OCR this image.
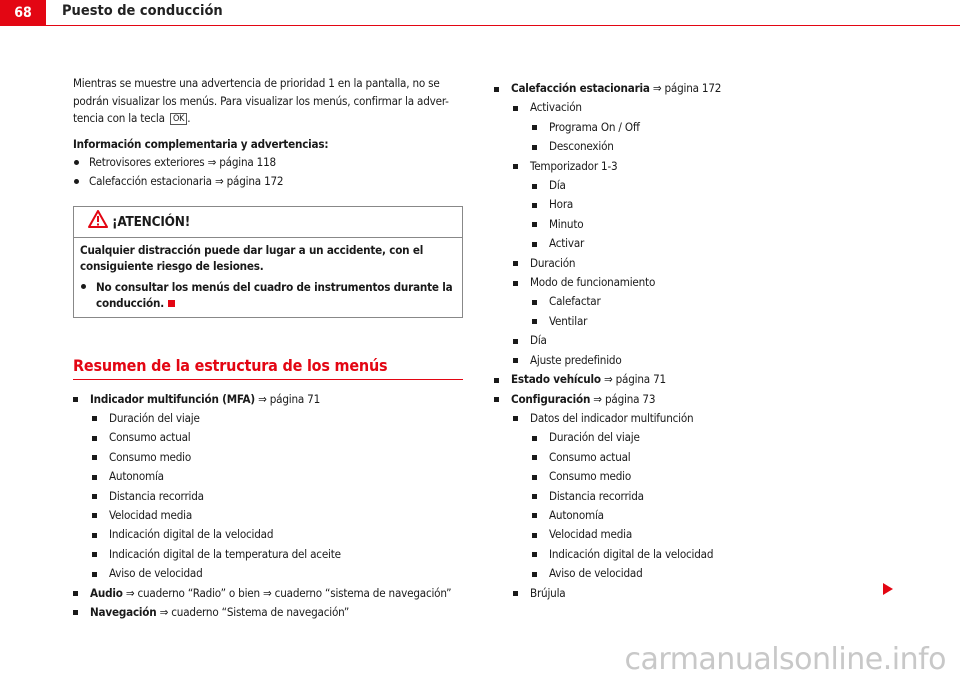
68	Puesto de conducción

Mientras se muestre una advertencia de prioridad 1 en la pantalla, no se
podrán visualizar los menús. Para visualizar los menús, confirmar la adver-
tencia con la tecla OK .

Información complementaria y advertencias:
Retrovisores exteriores ⇒ página 118
Calefacción estacionaria ⇒ página 172
¡ATENCIÓN!
Cualquier distracción puede dar lugar a un accidente, con el consiguiente riesgo de lesiones.
No consultar los menús del cuadro de instrumentos durante la conducción.
Resumen de la estructura de los menús
Indicador multifunción (MFA) ⇒ página 71
Duración del viaje
Consumo actual
Consumo medio
Autonomía
Distancia recorrida
Velocidad media
Indicación digital de la velocidad
Indicación digital de la temperatura del aceite
Aviso de velocidad
Audio ⇒ cuaderno “Radio” o bien ⇒ cuaderno “sistema de navegación”
Navegación ⇒ cuaderno “Sistema de navegación”
Calefacción estacionaria ⇒ página 172
Activación
Programa On / Off
Desconexión
Temporizador 1-3
Día
Hora
Minuto
Activar
Duración
Modo de funcionamiento
Calefactar
Ventilar
Día
Ajuste predefinido
Estado vehículo ⇒ página 71
Configuración ⇒ página 73
Datos del indicador multifunción
Duración del viaje
Consumo actual
Consumo medio
Distancia recorrida
Autonomía
Velocidad media
Indicación digital de la velocidad
Aviso de velocidad
Brújula
carmanualsonline.info
